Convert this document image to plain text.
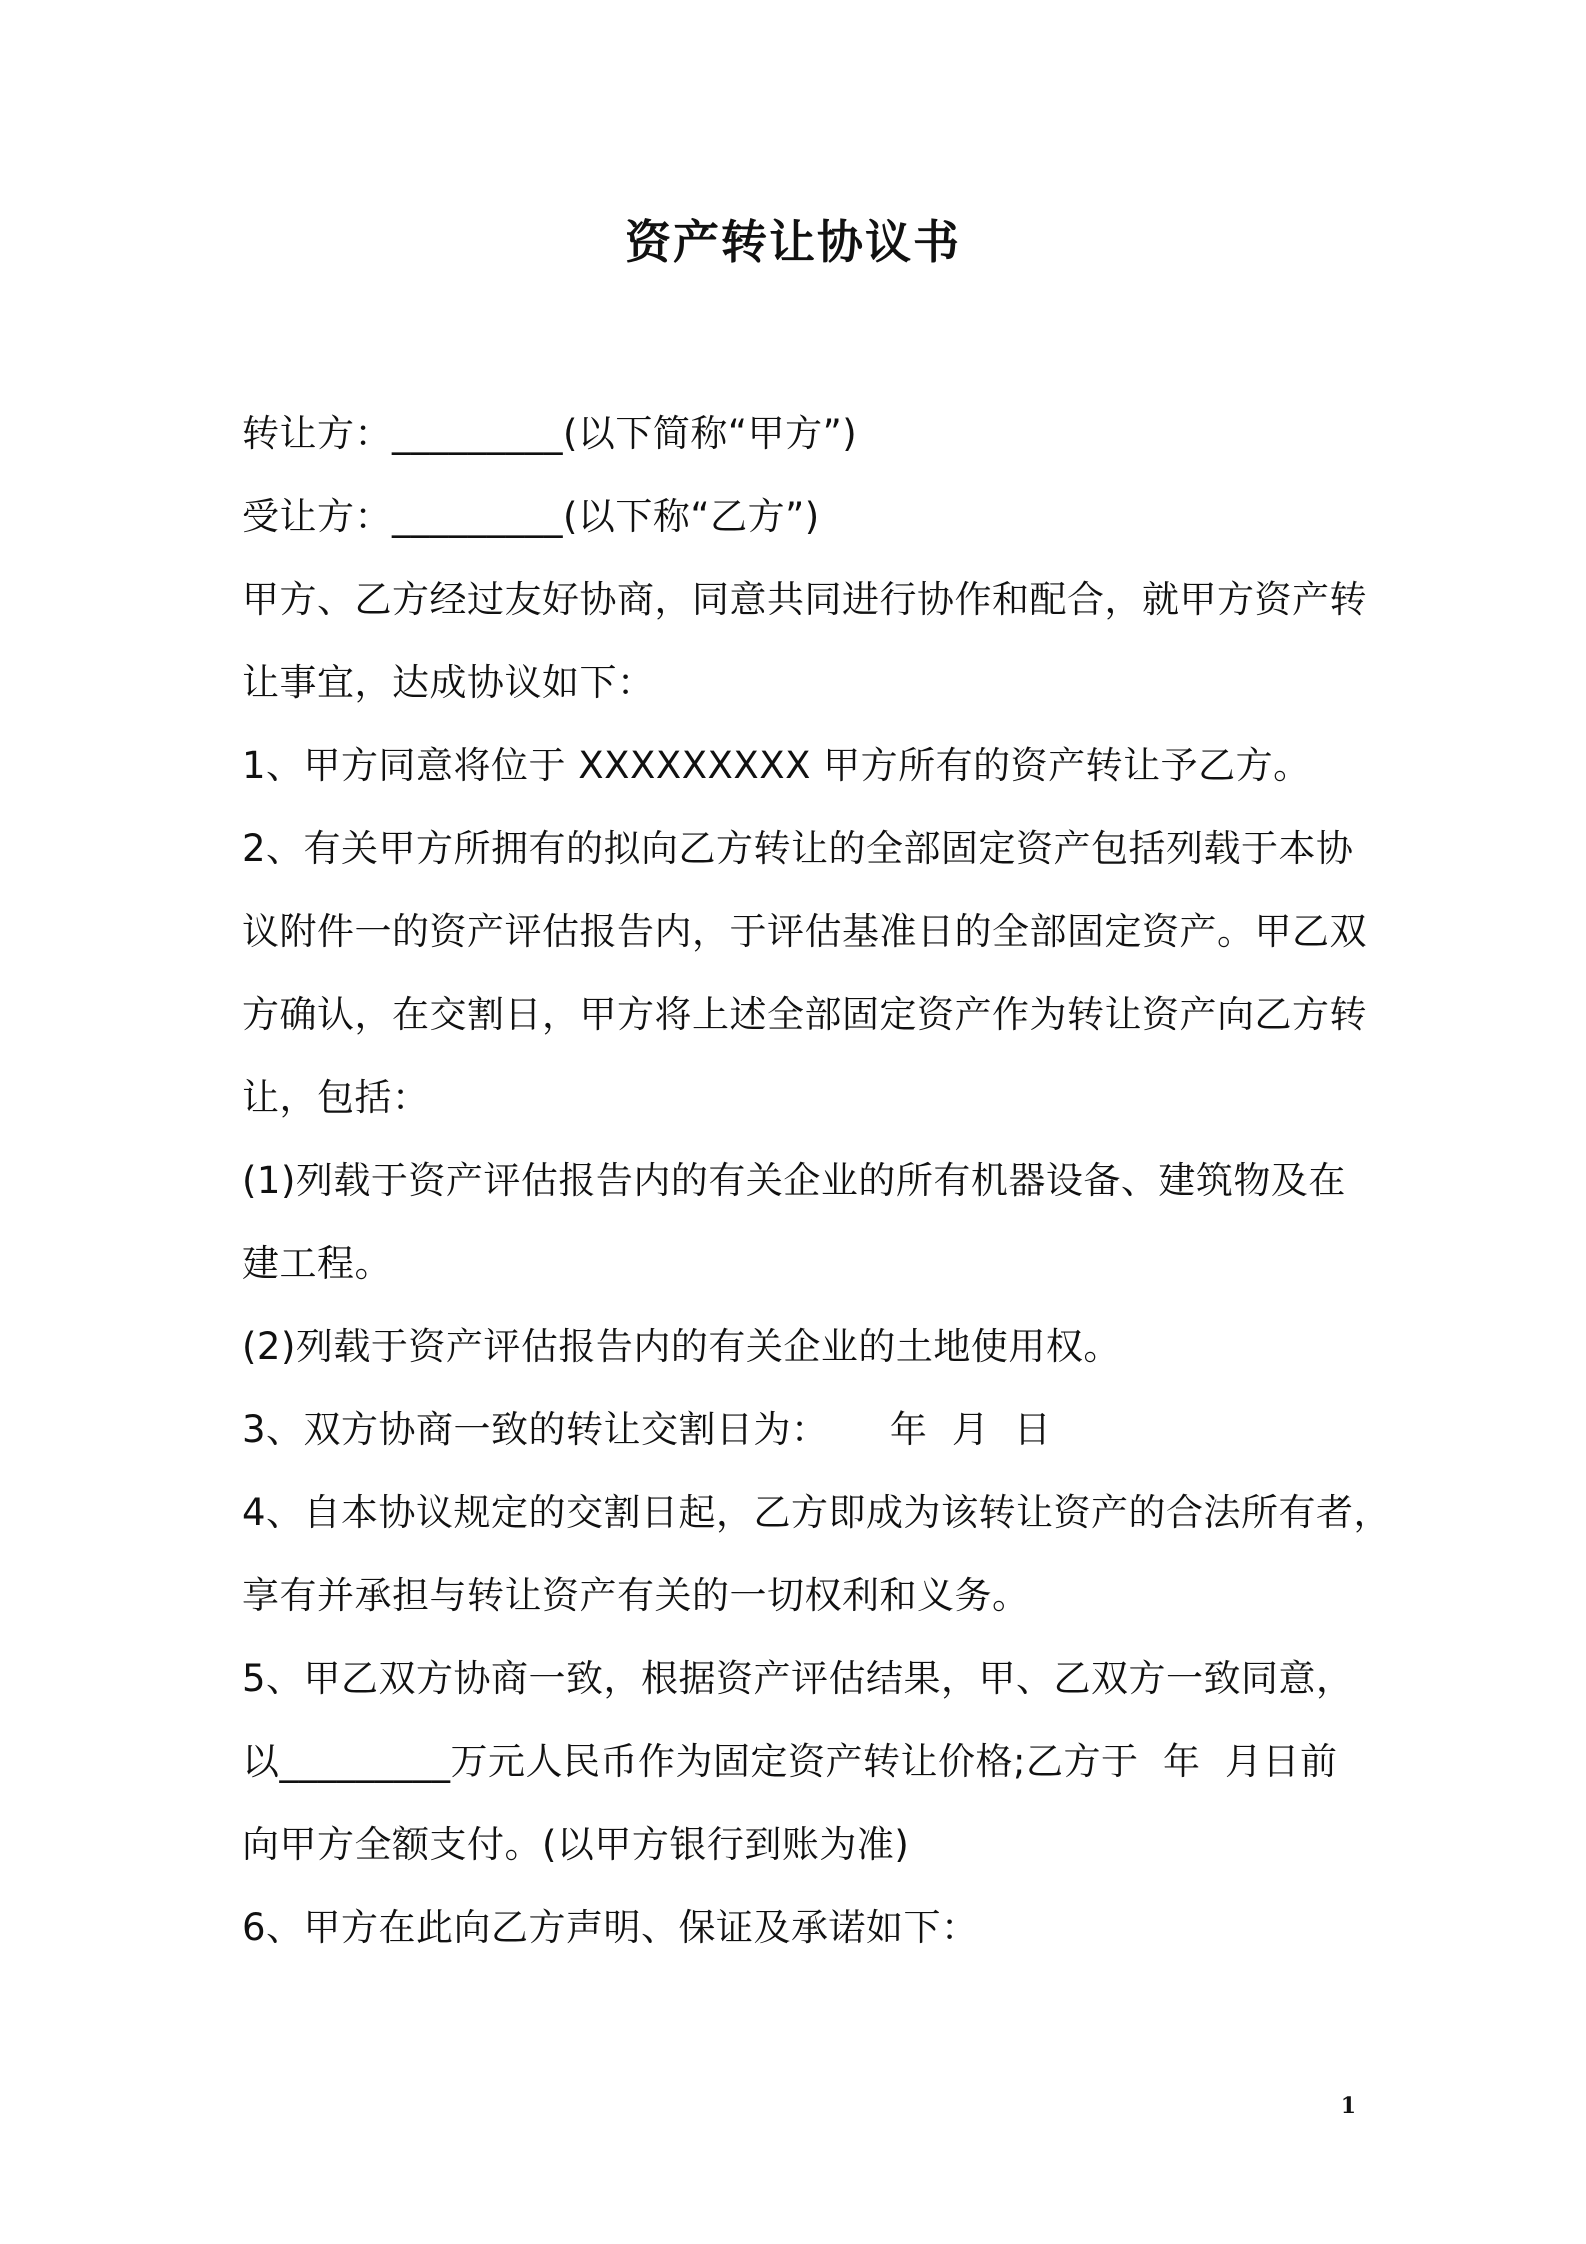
资产转让协议书
转让方：_________(以下简称“甲方”)
受让方：_________(以下称“乙方”)
甲方、乙方经过友好协商，同意共同进行协作和配合，就甲方资产转
让事宜，达成协议如下：
1、甲方同意将位于 XXXXXXXXX 甲方所有的资产转让予乙方。
2、有关甲方所拥有的拟向乙方转让的全部固定资产包括列载于本协
议附件一的资产评估报告内，于评估基准日的全部固定资产。甲乙双
方确认，在交割日，甲方将上述全部固定资产作为转让资产向乙方转
让，包括：
(1)列载于资产评估报告内的有关企业的所有机器设备、建筑物及在
建工程。
(2)列载于资产评估报告内的有关企业的土地使用权。
3、双方协商一致的转让交割日为：     年  月  日
4、自本协议规定的交割日起，乙方即成为该转让资产的合法所有者，
享有并承担与转让资产有关的一切权利和义务。
5、甲乙双方协商一致，根据资产评估结果，甲、乙双方一致同意，
以_________万元人民币作为固定资产转让价格;乙方于  年  月日前
向甲方全额支付。(以甲方银行到账为准)
6、甲方在此向乙方声明、保证及承诺如下：
1
